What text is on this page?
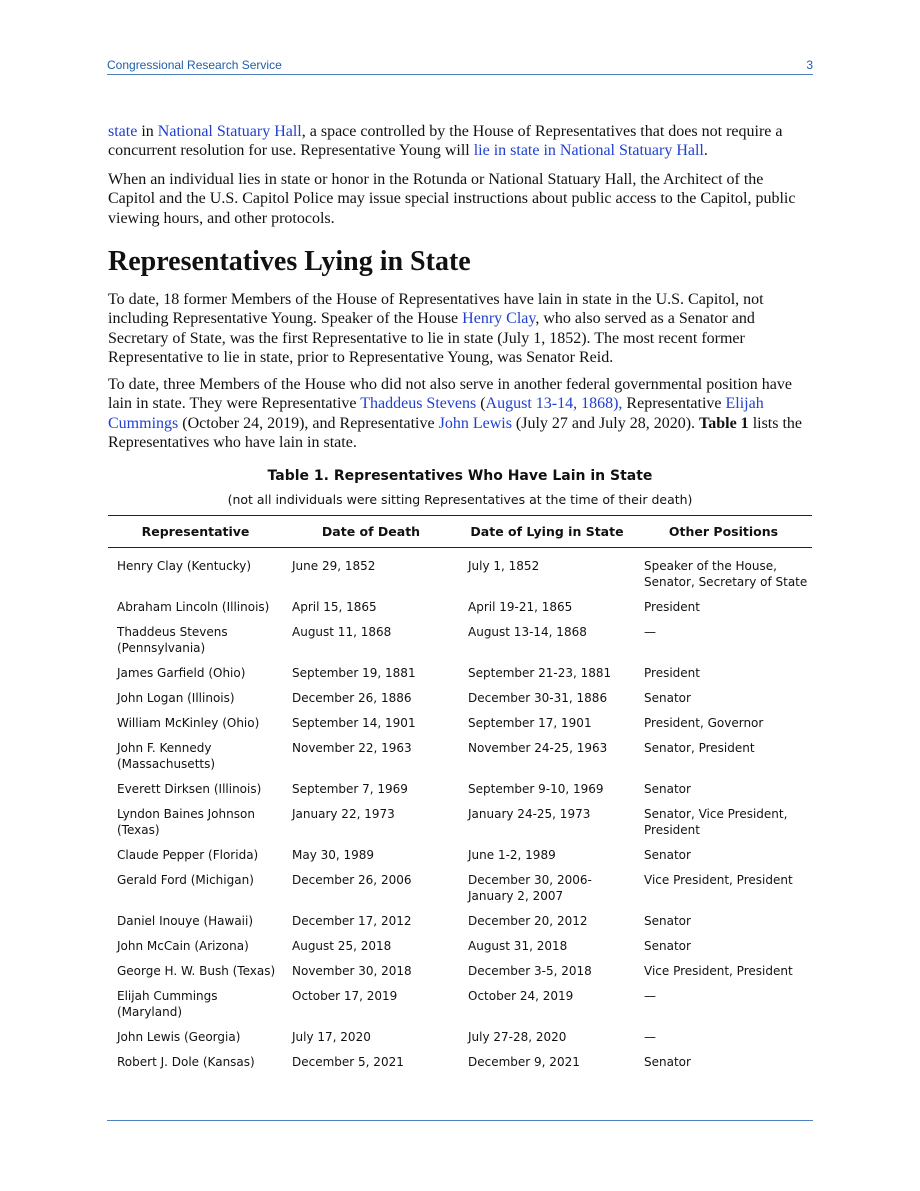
Congressional Research Service	3

state in National Statuary Hall, a space controlled by the House of Representatives that does not require a concurrent resolution for use. Representative Young will lie in state in National Statuary Hall.

When an individual lies in state or honor in the Rotunda or National Statuary Hall, the Architect of the Capitol and the U.S. Capitol Police may issue special instructions about public access to the Capitol, public viewing hours, and other protocols.

Representatives Lying in State

To date, 18 former Members of the House of Representatives have lain in state in the U.S. Capitol, not including Representative Young. Speaker of the House Henry Clay, who also served as a Senator and Secretary of State, was the first Representative to lie in state (July 1, 1852). The most recent former Representative to lie in state, prior to Representative Young, was Senator Reid.

To date, three Members of the House who did not also serve in another federal governmental position have lain in state. They were Representative Thaddeus Stevens (August 13-14, 1868), Representative Elijah Cummings (October 24, 2019), and Representative John Lewis (July 27 and July 28, 2020). Table 1 lists the Representatives who have lain in state.

Table 1. Representatives Who Have Lain in State
(not all individuals were sitting Representatives at the time of their death)
Representative	Date of Death	Date of Lying in State	Other Positions
Henry Clay (Kentucky)	June 29, 1852	July 1, 1852	Speaker of the House, Senator, Secretary of State
Abraham Lincoln (Illinois)	April 15, 1865	April 19-21, 1865	President
Thaddeus Stevens (Pennsylvania)	August 11, 1868	August 13-14, 1868	—
James Garfield (Ohio)	September 19, 1881	September 21-23, 1881	President
John Logan (Illinois)	December 26, 1886	December 30-31, 1886	Senator
William McKinley (Ohio)	September 14, 1901	September 17, 1901	President, Governor
John F. Kennedy (Massachusetts)	November 22, 1963	November 24-25, 1963	Senator, President
Everett Dirksen (Illinois)	September 7, 1969	September 9-10, 1969	Senator
Lyndon Baines Johnson (Texas)	January 22, 1973	January 24-25, 1973	Senator, Vice President, President
Claude Pepper (Florida)	May 30, 1989	June 1-2, 1989	Senator
Gerald Ford (Michigan)	December 26, 2006	December 30, 2006-January 2, 2007	Vice President, President
Daniel Inouye (Hawaii)	December 17, 2012	December 20, 2012	Senator
John McCain (Arizona)	August 25, 2018	August 31, 2018	Senator
George H. W. Bush (Texas)	November 30, 2018	December 3-5, 2018	Vice President, President
Elijah Cummings (Maryland)	October 17, 2019	October 24, 2019	—
John Lewis (Georgia)	July 17, 2020	July 27-28, 2020	—
Robert J. Dole (Kansas)	December 5, 2021	December 9, 2021	Senator
